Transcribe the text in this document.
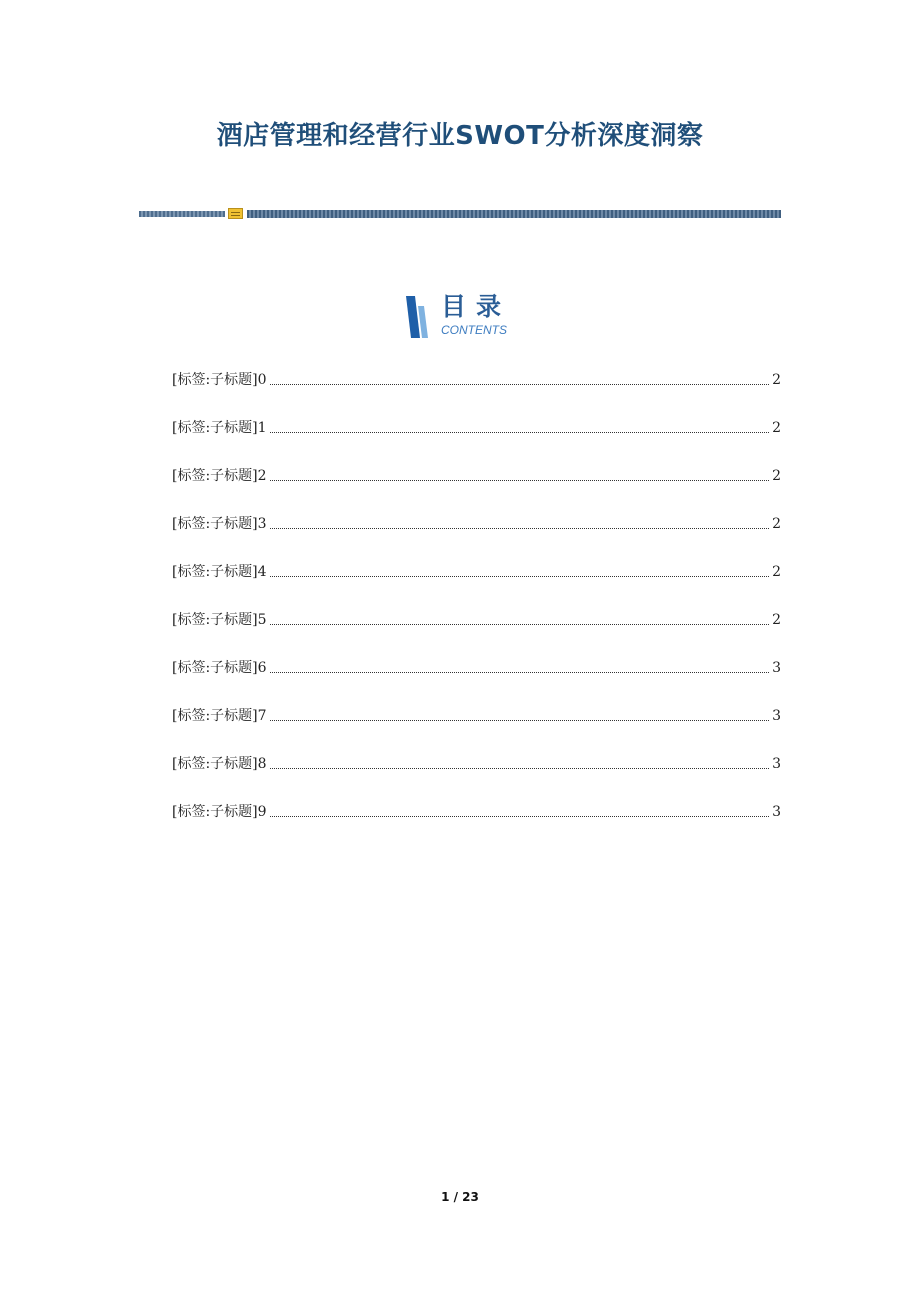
酒店管理和经营行业SWOT分析深度洞察
目录
CONTENTS
[标签:子标题]0	2
[标签:子标题]1	2
[标签:子标题]2	2
[标签:子标题]3	2
[标签:子标题]4	2
[标签:子标题]5	2
[标签:子标题]6	3
[标签:子标题]7	3
[标签:子标题]8	3
[标签:子标题]9	3
1 / 23
